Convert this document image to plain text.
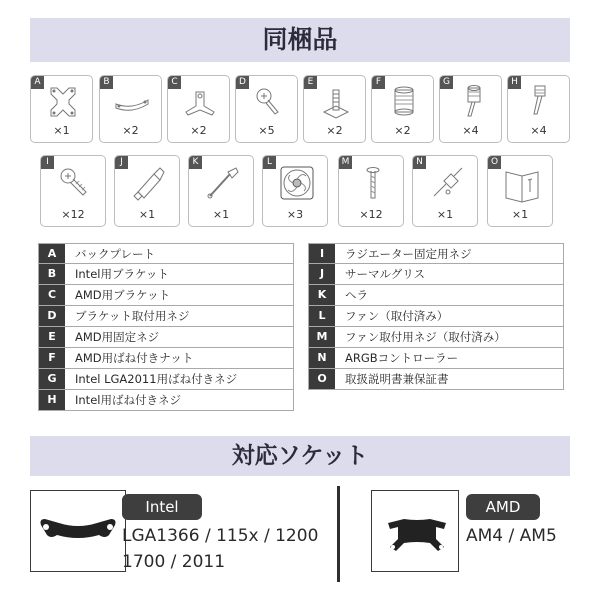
同梱品
A
×1
B
×2
C
×2
D
×5
E
×2
F
×2
G
×4
H
×4
I
×12
J
×1
K
×1
L
×3
M
×12
N
×1
O
×1
A	バックプレート
B	Intel用ブラケット
C	AMD用ブラケット
D	ブラケット取付用ネジ
E	AMD用固定ネジ
F	AMD用ばね付きナット
G	Intel LGA2011用ばね付きネジ
H	Intel用ばね付きネジ
I	ラジエーター固定用ネジ
J	サーマルグリス
K	ヘラ
L	ファン（取付済み）
M	ファン取付用ネジ（取付済み）
N	ARGBコントローラー
O	取扱説明書兼保証書
対応ソケット
Intel
LGA1366 / 115x / 1200
1700 / 2011
AMD
AM4 / AM5
